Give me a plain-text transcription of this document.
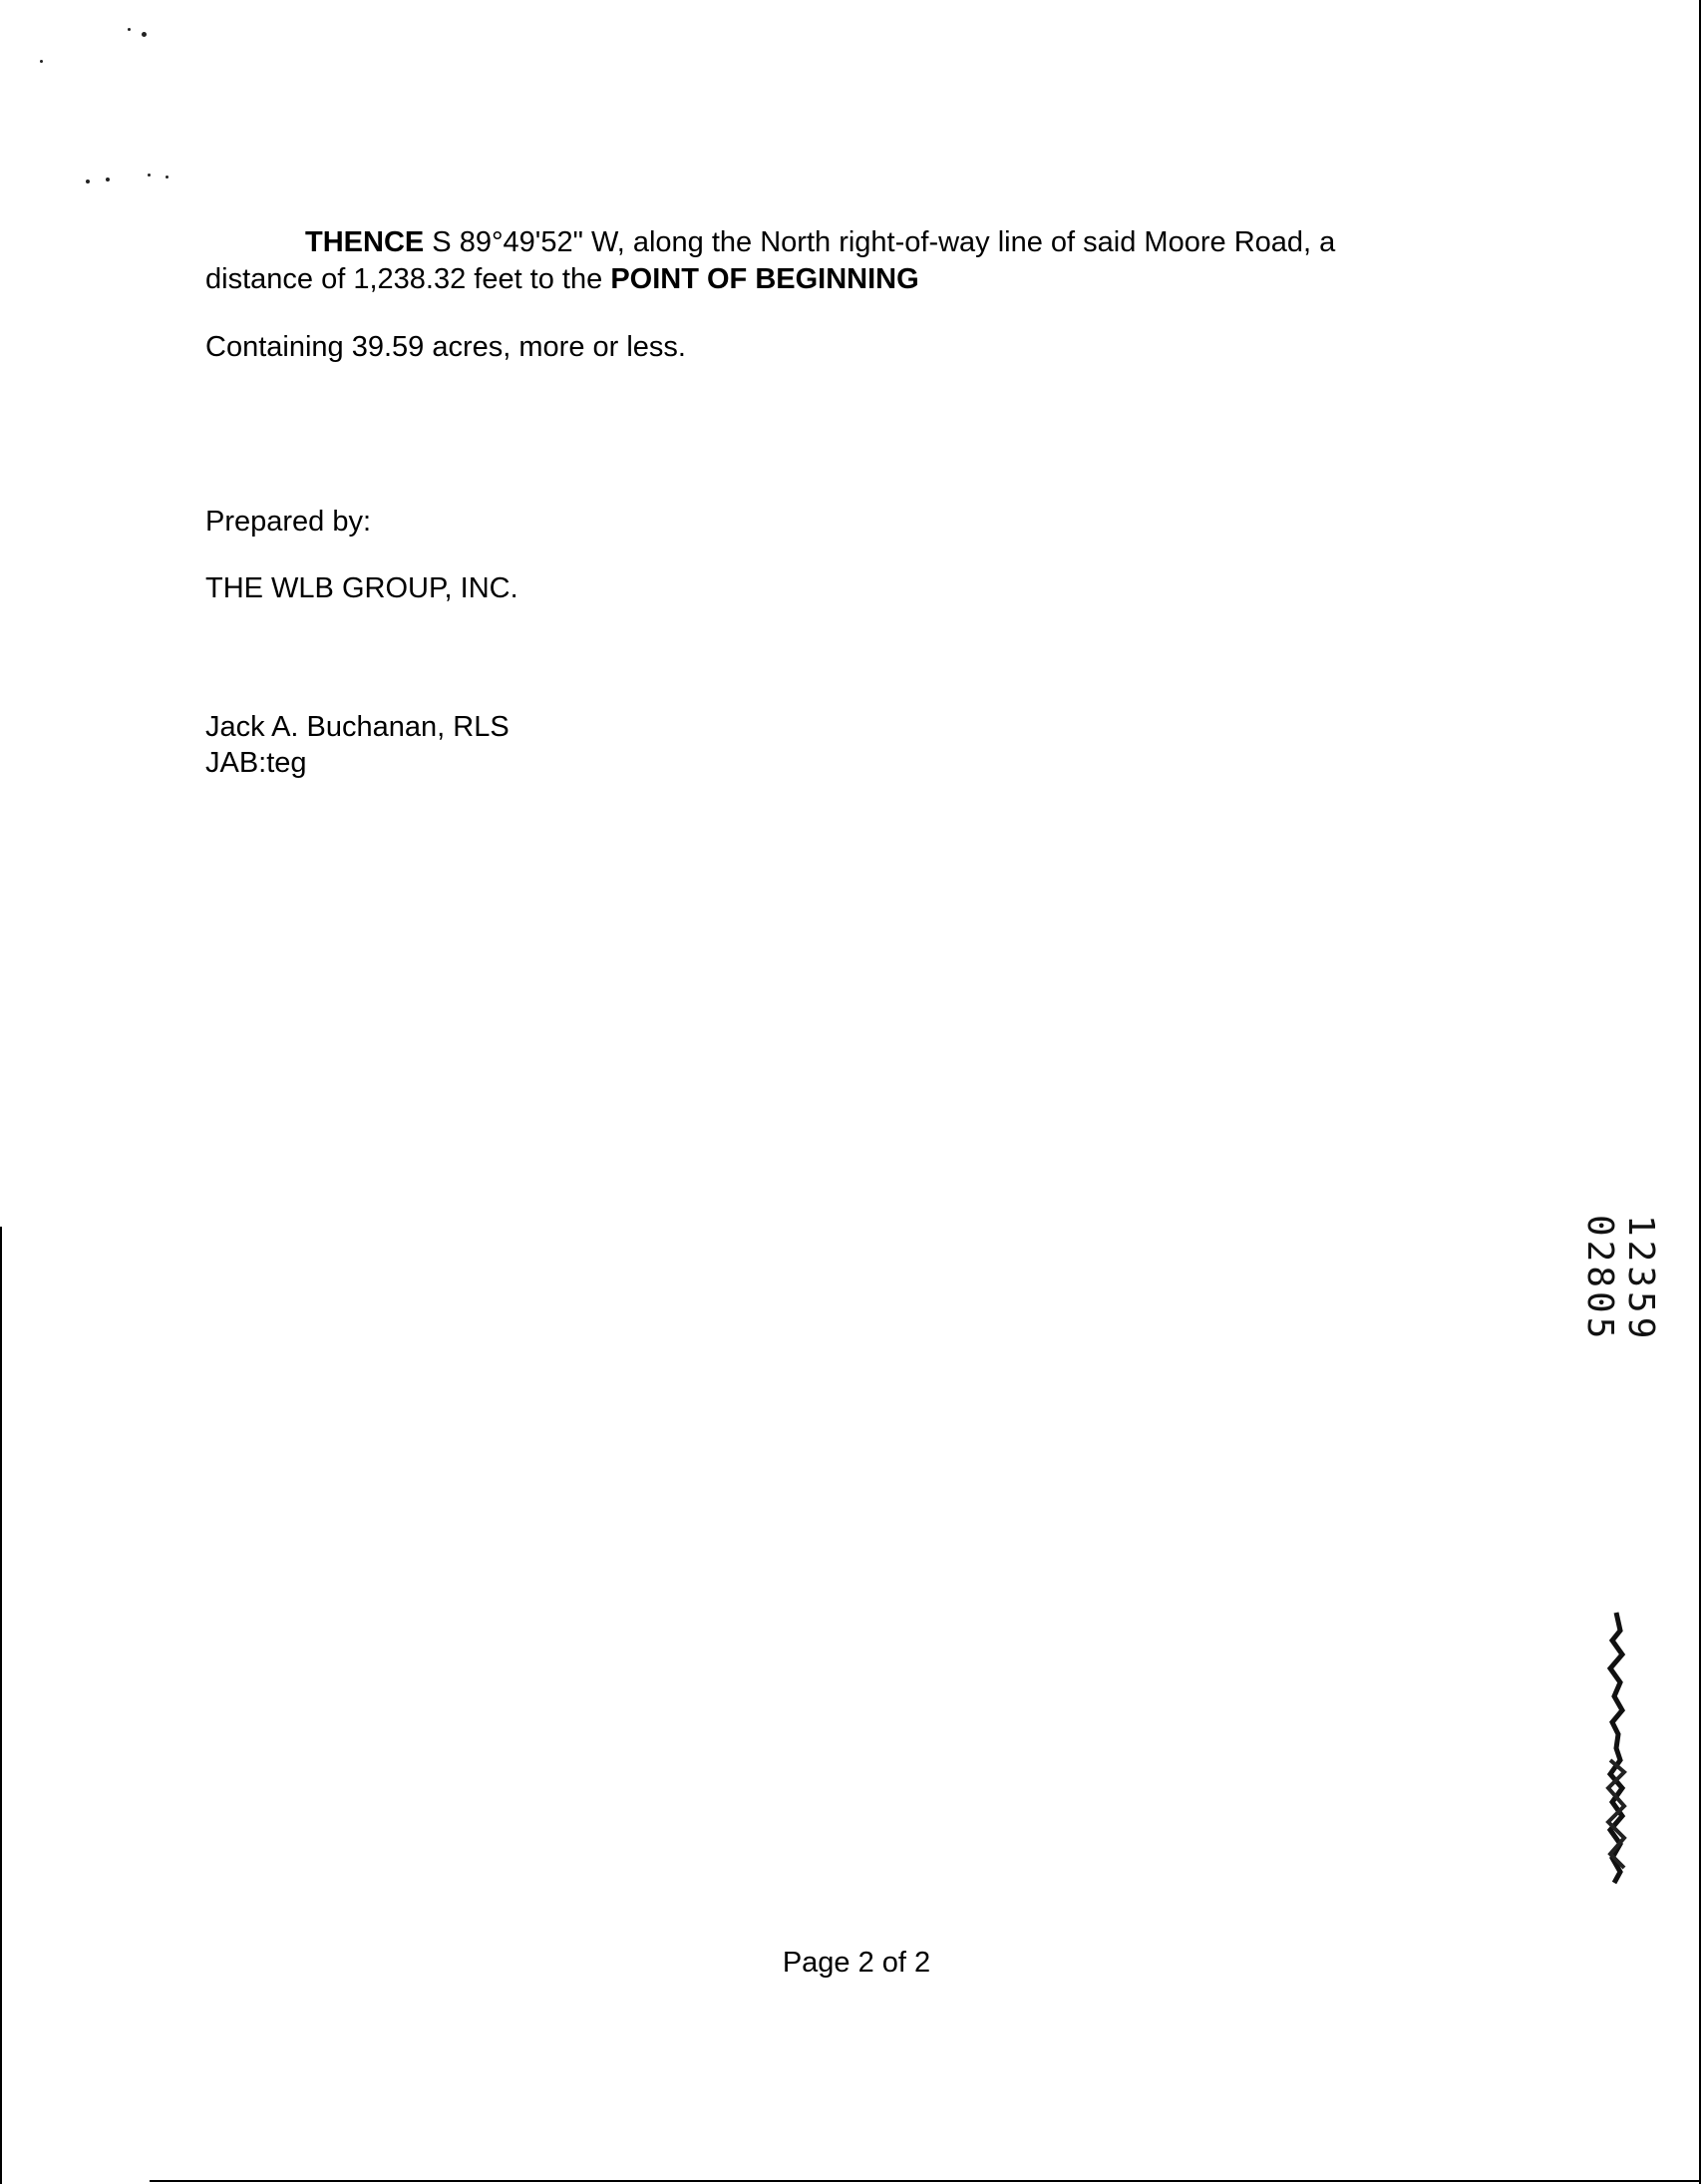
THENCE S 89°49'52" W, along the North right-of-way line of said Moore Road, a distance of 1,238.32 feet to the POINT OF BEGINNING
Containing 39.59 acres, more or less.
Prepared by:
THE WLB GROUP, INC.
Jack A. Buchanan, RLS
JAB:teg
Page 2 of 2
12359 02805
